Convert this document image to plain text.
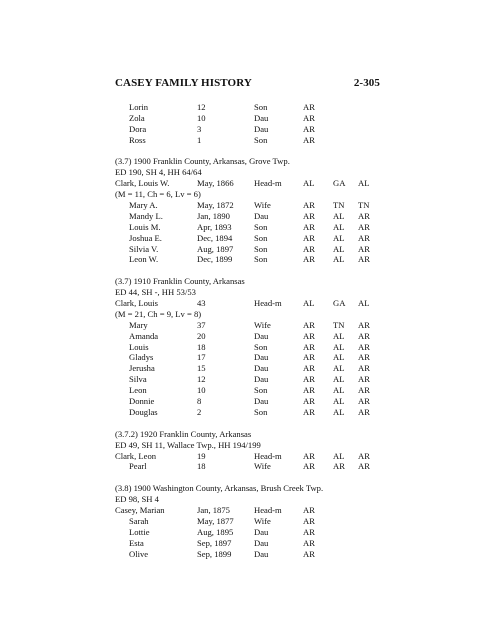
CASEY FAMILY HISTORY	2-305
Lorin	12	Son	AR
Zola	10	Dau	AR
Dora	3	Dau	AR
Ross	1	Son	AR
(3.7) 1900 Franklin County, Arkansas, Grove Twp.
ED 190, SH 4, HH 64/64
Clark, Louis W.	May, 1866 Head-m AL GA AL
(M = 11, Ch = 6, Lv = 6)
Mary A.	May, 1872 Wife	AR TN TN
Mandy L.	Jan, 1890	Dau	AR AL AR
Louis M.	Apr, 1893	Son	AR AL AR
Joshua E.	Dec, 1894	Son	AR AL AR
Silvia V.	Aug, 1897 Son	AR AL AR
Leon W.	Dec, 1899	Son	AR AL AR
(3.7) 1910 Franklin County, Arkansas
ED 44, SH -, HH 53/53
Clark, Louis	43	Head-m AL GA AL
(M = 21, Ch = 9, Lv = 8)
Mary	37	Wife	AR TN AR
Amanda	20	Dau	AR AL AR
Louis	18	Son	AR AL AR
Gladys	17	Dau	AR AL AR
Jerusha	15	Dau	AR AL AR
Silva	12	Dau	AR AL AR
Leon	10	Son	AR AL AR
Donnie	8	Dau	AR AL AR
Douglas	2	Son	AR AL AR
(3.7.2) 1920 Franklin County, Arkansas
ED 49, SH 11, Wallace Twp., HH 194/199
Clark, Leon	19	Head-m AR AL AR
Pearl	18	Wife	AR AR AR
(3.8) 1900 Washington County, Arkansas, Brush Creek Twp.
ED 98, SH 4
Casey, Marian	Jan, 1875	Head-m AR
Sarah	May, 1877 Wife	AR
Lottie	Aug, 1895 Dau	AR
Esta	Sep, 1897	Dau	AR
Olive	Sep, 1899	Dau	AR
